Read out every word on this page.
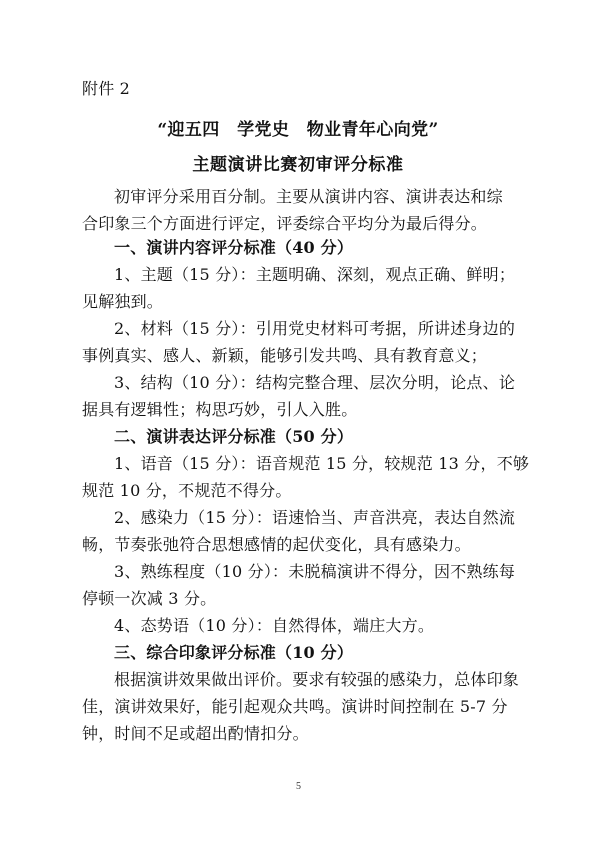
附件 2
“迎五四　学党史　物业青年心向党”
主题演讲比赛初审评分标准
初审评分采用百分制。主要从演讲内容、演讲表达和综
合印象三个方面进行评定，评委综合平均分为最后得分。
一、演讲内容评分标准（40 分）
1、主题（15 分）：主题明确、深刻，观点正确、鲜明；
见解独到。
2、材料（15 分）：引用党史材料可考据，所讲述身边的
事例真实、感人、新颖，能够引发共鸣、具有教育意义；
3、结构（10 分）：结构完整合理、层次分明，论点、论
据具有逻辑性；构思巧妙，引人入胜。
二、演讲表达评分标准（50 分）
1、语音（15 分）：语音规范 15 分，较规范 13 分，不够
规范 10 分，不规范不得分。
2、感染力（15 分）：语速恰当、声音洪亮，表达自然流
畅，节奏张弛符合思想感情的起伏变化，具有感染力。
3、熟练程度（10 分）：未脱稿演讲不得分，因不熟练每
停顿一次减 3 分。
4、态势语（10 分）：自然得体，端庄大方。
三、综合印象评分标准（10 分）
根据演讲效果做出评价。要求有较强的感染力，总体印象
佳，演讲效果好，能引起观众共鸣。演讲时间控制在 5-7 分
钟，时间不足或超出酌情扣分。
5
